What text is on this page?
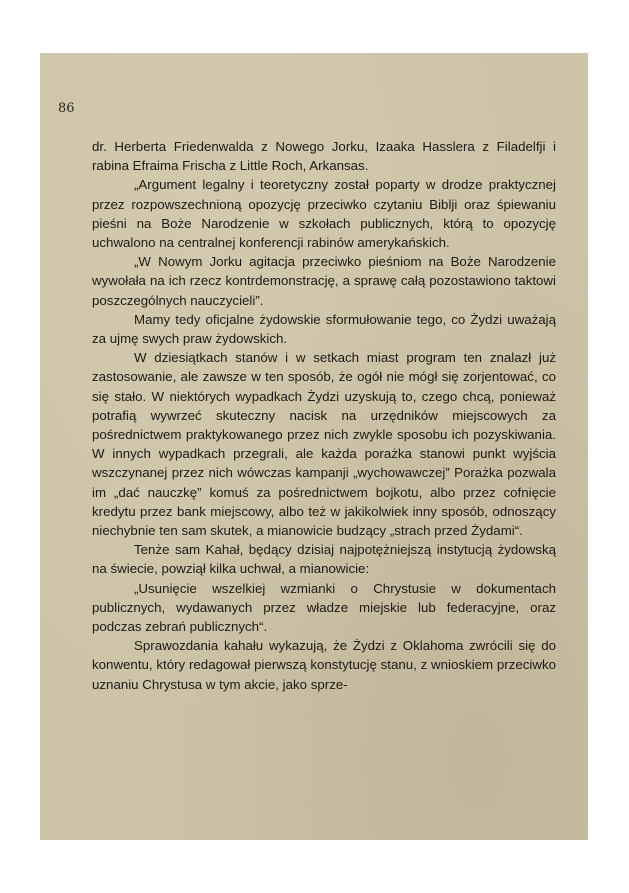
86

dr. Herberta Friedenwalda z Nowego Jorku, Izaaka Hasslera z Filadelfji i rabina Efraima Frischa z Little Roch, Arkansas.

„Argument legalny i teoretyczny został poparty w drodze praktycznej przez rozpowszechnioną opozycję przeciwko czytaniu Biblji oraz śpiewaniu pieśni na Boże Narodzenie w szkołach publicznych, którą to opozycję uchwalono na centralnej konferencji rabinów amerykańskich.

„W Nowym Jorku agitacja przeciwko pieśniom na Boże Narodzenie wywołała na ich rzecz kontrdemonstrację, a sprawę całą pozostawiono taktowi poszczególnych nauczycieli”.

Mamy tedy oficjalne żydowskie sformułowanie tego, co Żydzi uważają za ujmę swych praw żydowskich.

W dziesiątkach stanów i w setkach miast program ten znalazł już zastosowanie, ale zawsze w ten sposób, że ogół nie mógł się zorjentować, co się stało. W niektórych wypadkach Żydzi uzyskują to, czego chcą, ponieważ potrafią wywrzeć skuteczny nacisk na urzędników miejscowych za pośrednictwem praktykowanego przez nich zwykle sposobu ich pozyskiwania. W innych wypadkach przegrali, ale każda porażka stanowi punkt wyjścia wszczynanej przez nich wówczas kampanji „wychowawczej” Porażka pozwala im „dać nauczkę” komuś za pośrednictwem bojkotu, albo przez cofnięcie kredytu przez bank miejscowy, albo też w jakikolwiek inny sposób, odnoszący niechybnie ten sam skutek, a mianowicie budzący „strach przed Żydami“.

Tenże sam Kahał, będący dzisiaj najpotężniejszą instytucją żydowską na świecie, powziął kilka uchwał, a mianowicie:

„Usunięcie wszelkiej wzmianki o Chrystusie w dokumentach publicznych, wydawanych przez władze miejskie lub federacyjne, oraz podczas zebrań publicznych“.

Sprawozdania kahału wykazują, że Żydzi z Oklahoma zwrócili się do konwentu, który redagował pierwszą konstytucję stanu, z wnioskiem przeciwko uznaniu Chrystusa w tym akcie, jako sprze-
